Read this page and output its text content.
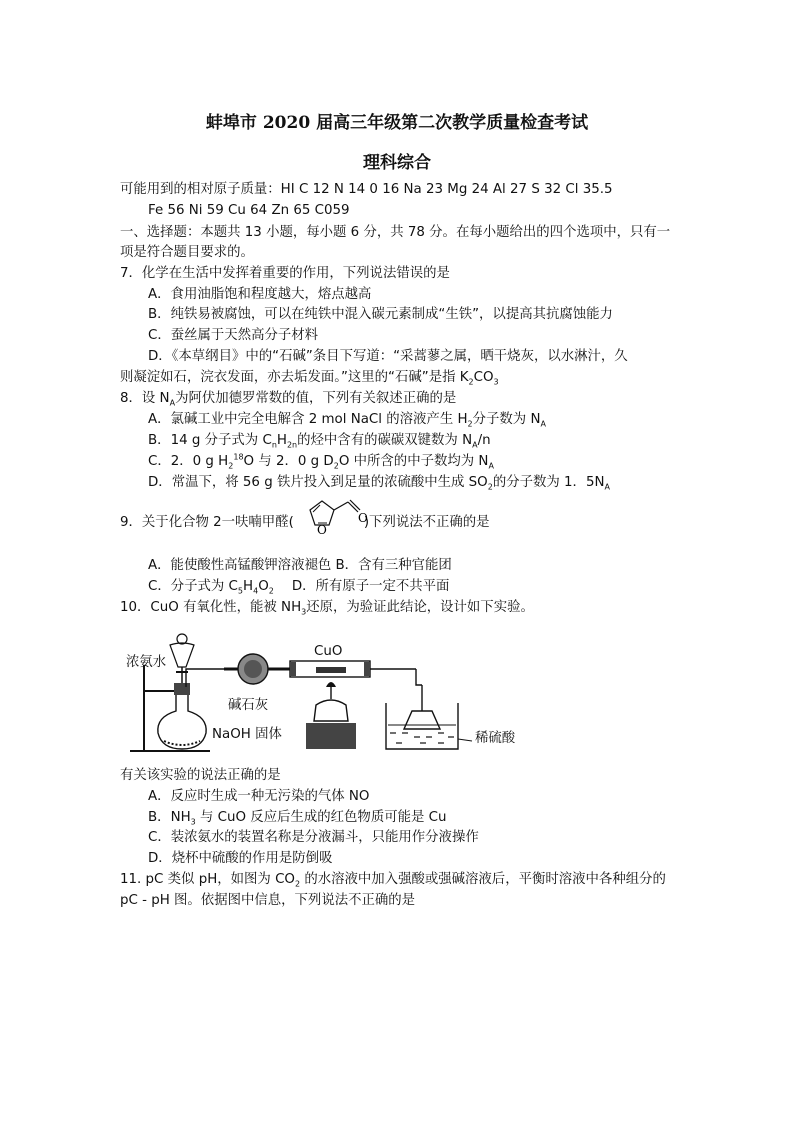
蚌埠市 2020 届高三年级第二次教学质量检查考试
理科综合
可能用到的相对原子质量：HI C 12 N 14 0 16 Na 23 Mg 24 Al 27 S 32 Cl 35.5
Fe 56 Ni 59 Cu 64 Zn 65 C059
一、选择题：本题共 13 小题，每小题 6 分，共 78 分。在每小题给出的四个选项中，只有一
项是符合题目要求的。
7．化学在生活中发挥着重要的作用，下列说法错误的是
A．食用油脂饱和程度越大，熔点越高
B．纯铁易被腐蚀，可以在纯铁中混入碳元素制成“生铁”，以提高其抗腐蚀能力
C．蚕丝属于天然高分子材料
D．《本草纲目》中的“石碱”条目下写道：“采蒿蓼之属，晒干烧灰，以水淋汁，久
则凝淀如石，浣衣发面，亦去垢发面。”这里的“石碱”是指 $K_2CO_3$
8．设 $N_A$为阿伏加德罗常数的值，下列有关叙述正确的是
A．氯碱工业中完全电解含 2 mol NaCl 的溶液产生 $H_2$分子数为 $N_A$
B．14 g 分子式为 $C_nH_{2n}$的烃中含有的碳碳双键数为 $N_A/n$
C．2．0 g $H_2^{18}O$ 与 2．0 g $D_2O$ 中所含的中子数均为 $N_A$
D．常温下，将 56 g 铁片投入到足量的浓硫酸中生成 $SO_2$的分子数为 1．$5N_A$
9．关于化合物 2一呋喃甲醛(	)下列说法不正确的是
O
O
A．能使酸性高锰酸钾溶液褪色 B．含有三种官能团
C．分子式为 $C_5H_4O_2$ D．所有原子一定不共平面
10．CuO 有氧化性，能被 $NH_3$还原，为验证此结论，设计如下实验。
浓氨水
CuO
碱石灰
NaOH 固体	稀硫酸
有关该实验的说法正确的是
A．反应时生成一种无污染的气体 NO
B．$NH_3$ 与 CuO 反应后生成的红色物质可能是 Cu
C．装浓氨水的装置名称是分液漏斗，只能用作分液操作
D．烧杯中硫酸的作用是防倒吸
11. pC 类似 pH，如图为 $CO_2$ 的水溶液中加入强酸或强碱溶液后，平衡时溶液中各种组分的
pC - pH 图。依据图中信息，下列说法不正确的是
